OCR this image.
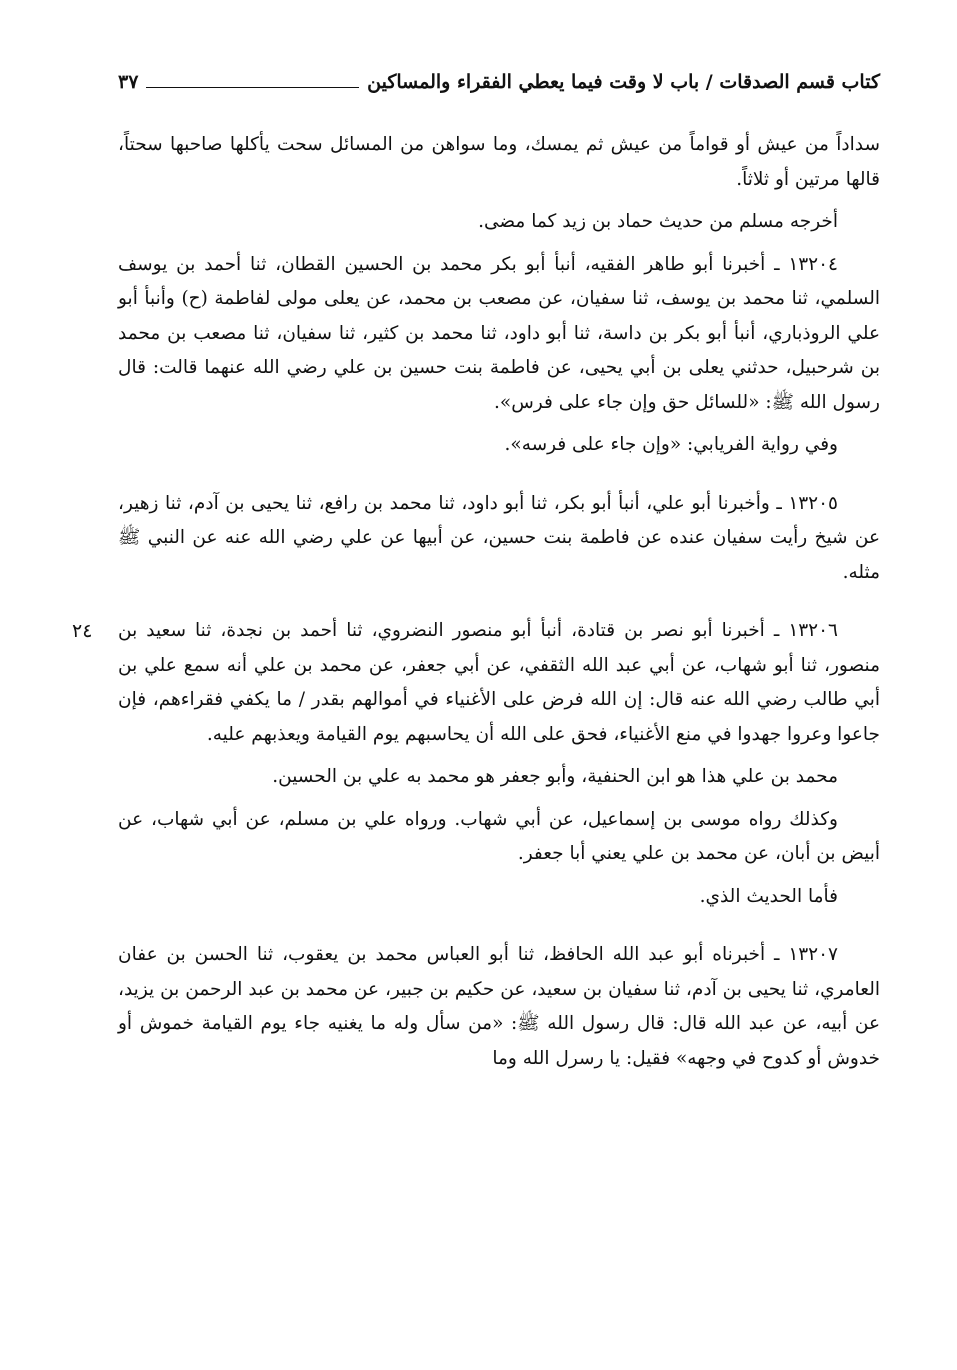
كتاب قسم الصدقات / باب لا وقت فيما يعطي الفقراء والمساكين
٣٧

سداداً من عيش أو قواماً من عيش ثم يمسك، وما سواهن من المسائل سحت يأكلها صاحبها سحتاً، قالها مرتين أو ثلاثاً.

أخرجه مسلم من حديث حماد بن زيد كما مضى.

١٣٢٠٤ ـ أخبرنا أبو طاهر الفقيه، أنبأ أبو بكر محمد بن الحسين القطان، ثنا أحمد بن يوسف السلمي، ثنا محمد بن يوسف، ثنا سفيان، عن مصعب بن محمد، عن يعلى مولى لفاطمة (ح) وأنبأ أبو علي الروذباري، أنبأ أبو بكر بن داسة، ثنا أبو داود، ثنا محمد بن كثير، ثنا سفيان، ثنا مصعب بن محمد بن شرحبيل، حدثني يعلى بن أبي يحيى، عن فاطمة بنت حسين بن علي رضي الله عنهما قالت: قال رسول الله ﷺ: «للسائل حق وإن جاء على فرس».

وفي رواية الفريابي: «وإن جاء على فرسه».

١٣٢٠٥ ـ وأخبرنا أبو علي، أنبأ أبو بكر، ثنا أبو داود، ثنا محمد بن رافع، ثنا يحيى بن آدم، ثنا زهير، عن شيخ رأيت سفيان عنده عن فاطمة بنت حسين، عن أبيها عن علي رضي الله عنه عن النبي ﷺ مثله.

٢٤ ١٣٢٠٦ ـ أخبرنا أبو نصر بن قتادة، أنبأ أبو منصور النضروي، ثنا أحمد بن نجدة، ثنا سعيد بن منصور، ثنا أبو شهاب، عن أبي عبد الله الثقفي، عن أبي جعفر، عن محمد بن علي أنه سمع علي بن أبي طالب رضي الله عنه قال: إن الله فرض على الأغنياء في أموالهم بقدر / ما يكفي فقراءهم، فإن جاعوا وعروا جهدوا في منع الأغنياء، فحق على الله أن يحاسبهم يوم القيامة ويعذبهم عليه.

محمد بن علي هذا هو ابن الحنفية، وأبو جعفر هو محمد به علي بن الحسين.

وكذلك رواه موسى بن إسماعيل، عن أبي شهاب. ورواه علي بن مسلم، عن أبي شهاب، عن أبيض بن أبان، عن محمد بن علي يعني أبا جعفر.

فأما الحديث الذي.

١٣٢٠٧ ـ أخبرناه أبو عبد الله الحافظ، ثنا أبو العباس محمد بن يعقوب، ثنا الحسن بن عفان العامري، ثنا يحيى بن آدم، ثنا سفيان بن سعيد، عن حكيم بن جبير، عن محمد بن عبد الرحمن بن يزيد، عن أبيه، عن عبد الله قال: قال رسول الله ﷺ: «من سأل وله ما يغنيه جاء يوم القيامة خموش أو خدوش أو كدوح في وجهه» فقيل: يا رسرل الله وما
